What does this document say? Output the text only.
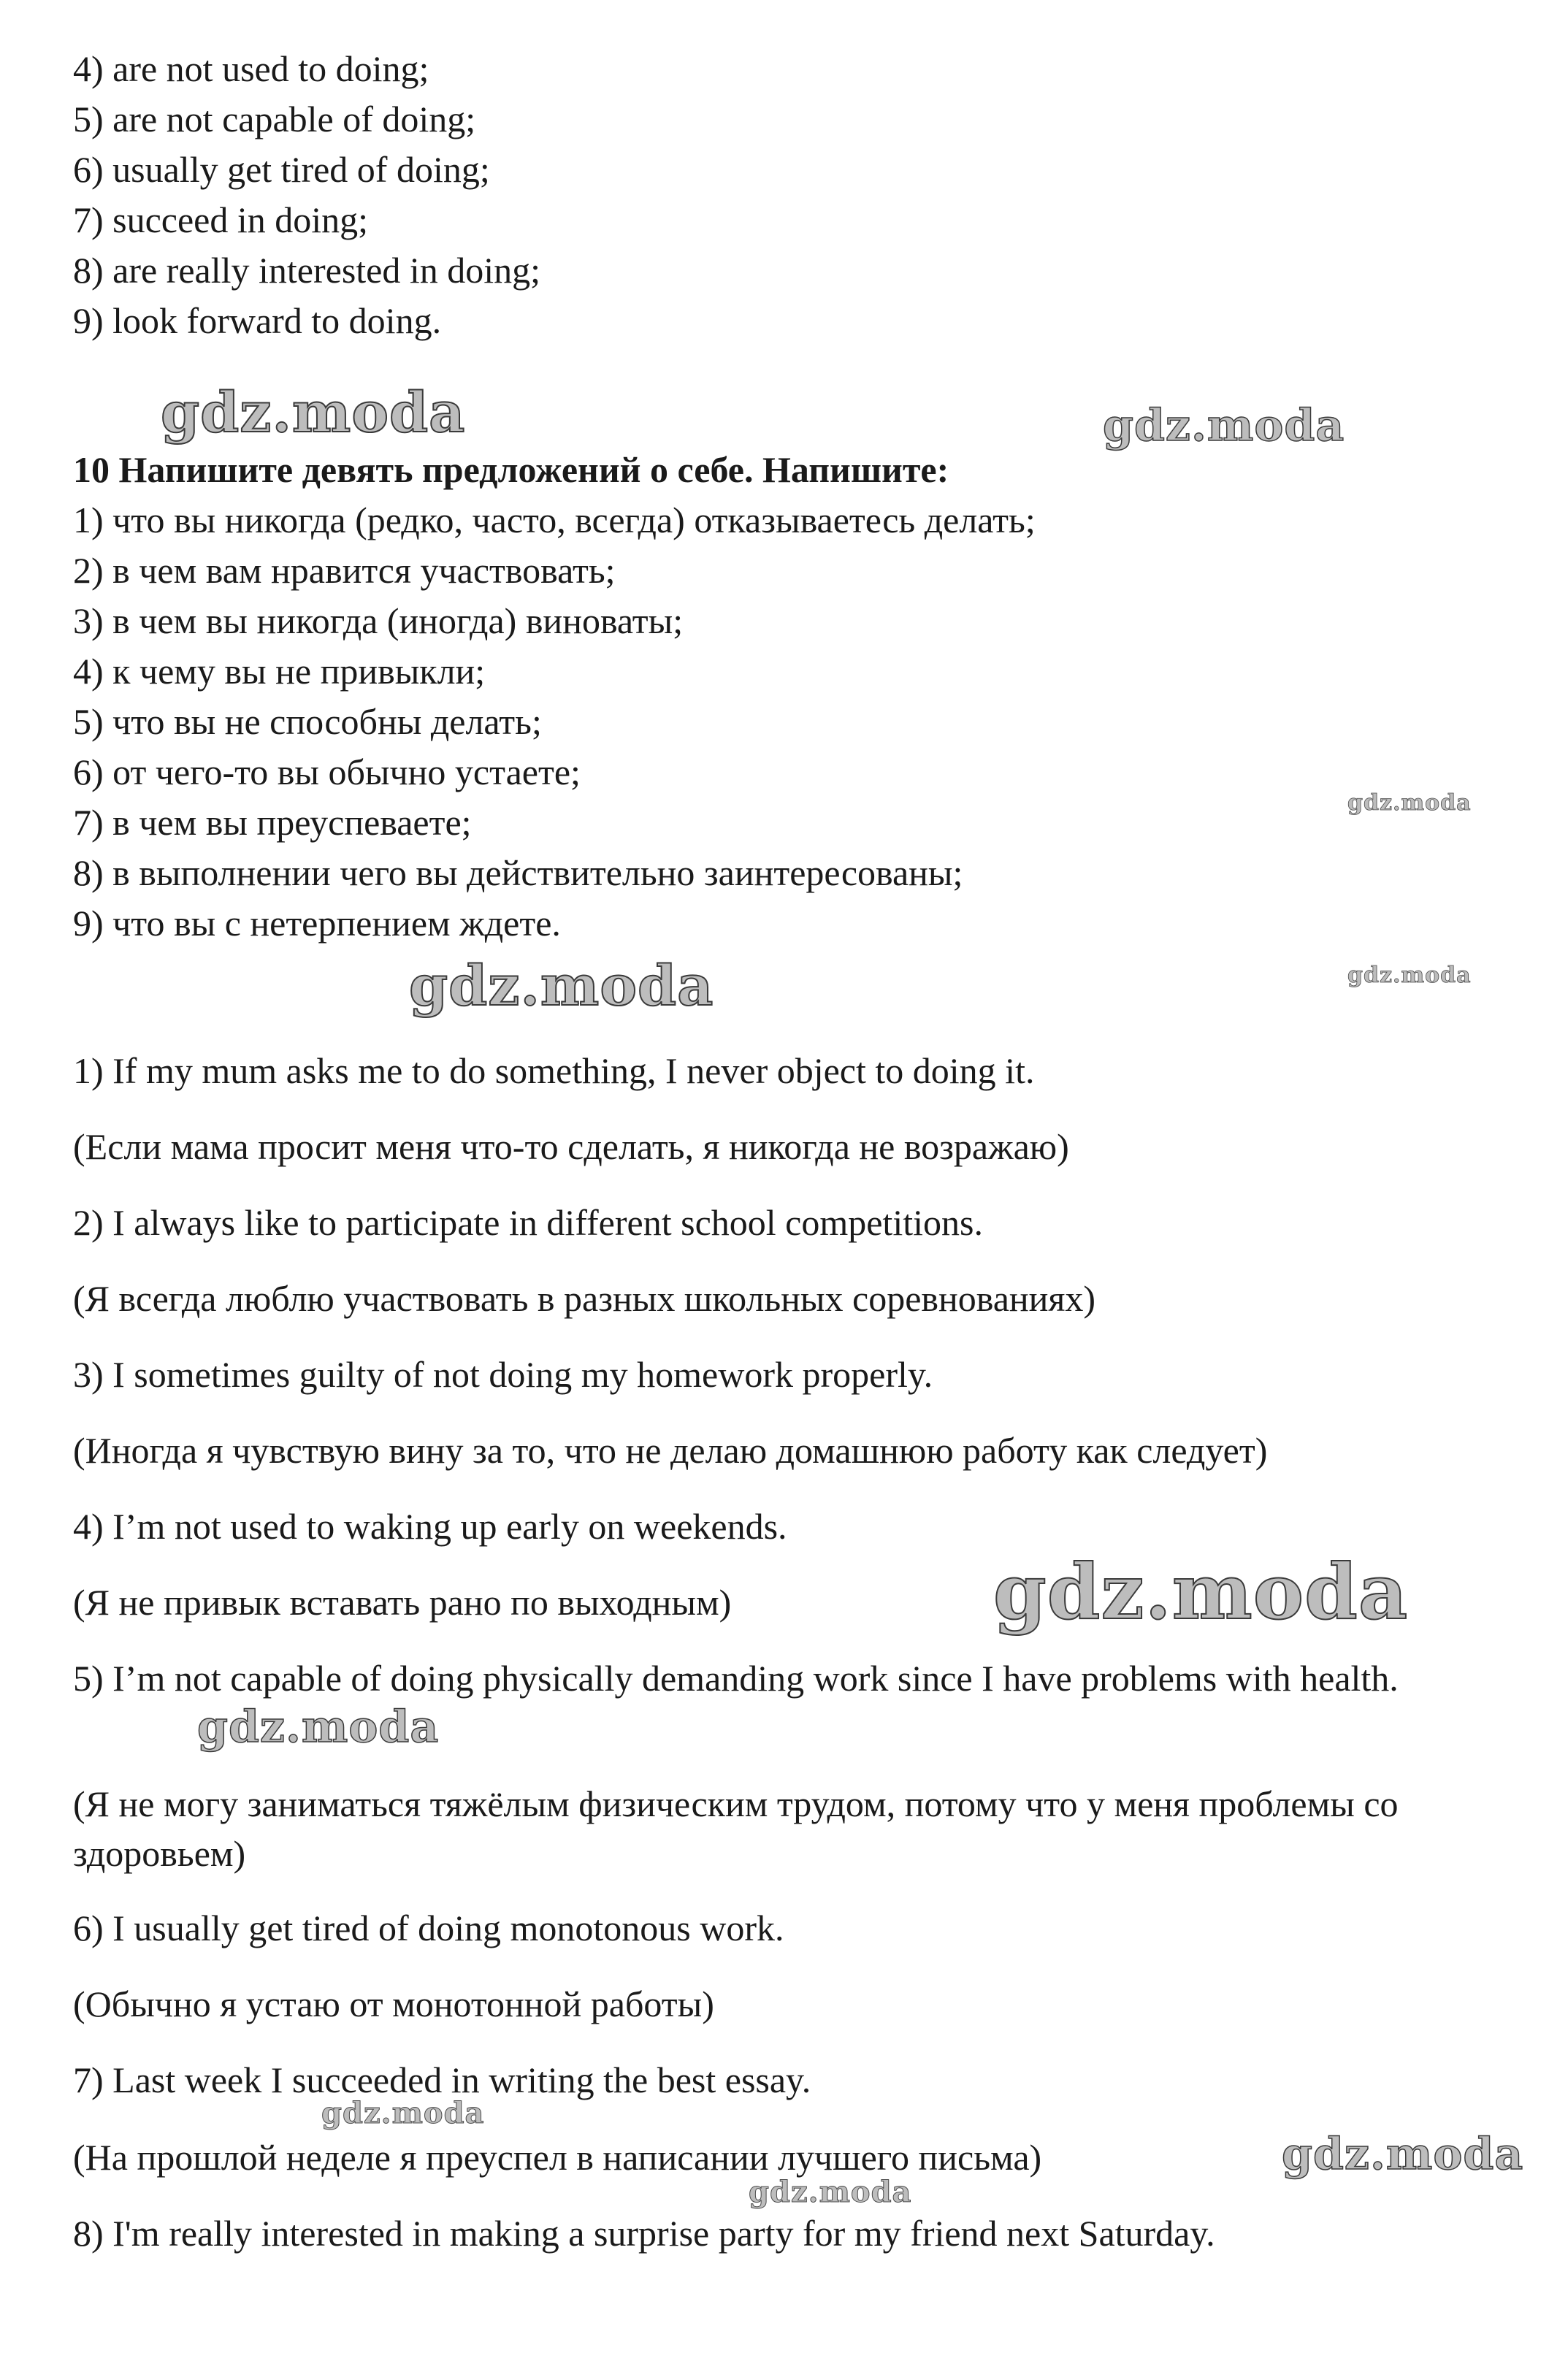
4) are not used to doing;
5) are not capable of doing;
6) usually get tired of doing;
7) succeed in doing;
8) are really interested in doing;
9) look forward to doing.
10 Напишите девять предложений о себе. Напишите:
1) что вы никогда (редко, часто, всегда) отказываетесь делать;
2) в чем вам нравится участвовать;
3) в чем вы никогда (иногда) виноваты;
4) к чему вы не привыкли;
5) что вы не способны делать;
6) от чего-то вы обычно устаете;
7) в чем вы преуспеваете;
8) в выполнении чего вы действительно заинтересованы;
9) что вы с нетерпением ждете.
1) If my mum asks me to do something, I never object to doing it.
(Если мама просит меня что-то сделать, я никогда не возражаю)
2) I always like to participate in different school competitions.
(Я всегда люблю участвовать в разных школьных соревнованиях)
3) I sometimes guilty of not doing my homework properly.
(Иногда я чувствую вину за то, что не делаю домашнюю работу как следует)
4) I’m not used to waking up early on weekends.
(Я не привык вставать рано по выходным)
5) I’m not capable of doing physically demanding work since I have problems with health.
(Я не могу заниматься тяжёлым физическим трудом, потому что у меня проблемы со здоровьем)
6) I usually get tired of doing monotonous work.
(Обычно я устаю от монотонной работы)
7) Last week I succeeded in writing the best essay.
(На прошлой неделе я преуспел в написании лучшего письма)
8) I'm really interested in making a surprise party for my friend next Saturday.
gdz.moda	gdz.moda
gdz.moda
gdz.moda	gdz.moda
gdz.moda
gdz.moda
gdz.moda
gdz.moda
gdz.moda
